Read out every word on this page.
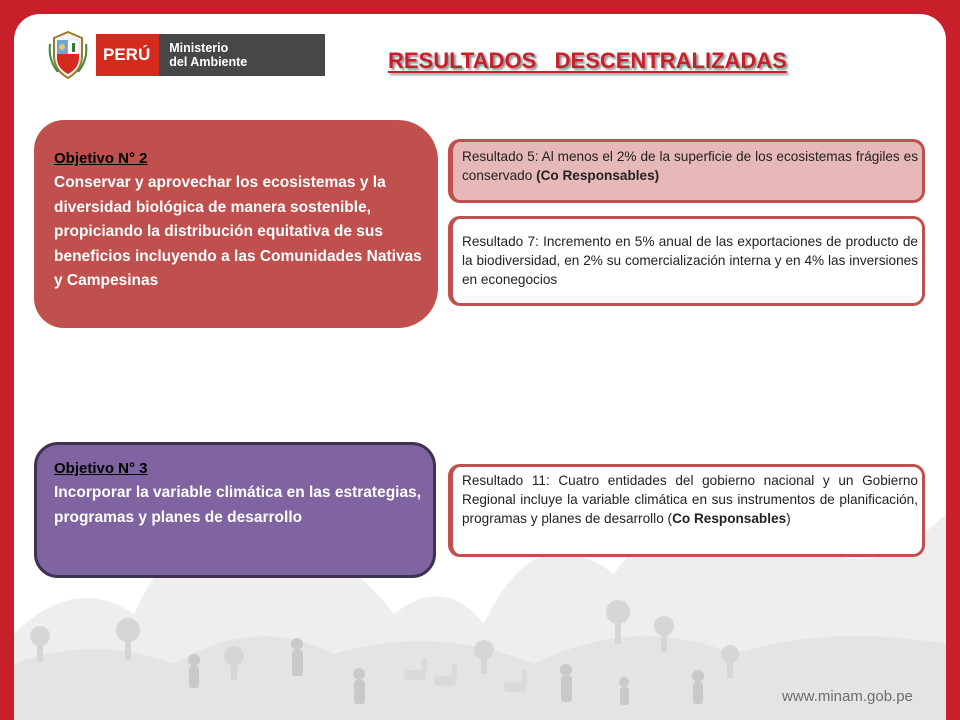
PERÚ	Ministerio
del Ambiente	RESULTADOS   DESCENTRALIZADAS
Objetivo N° 2
Conservar y aprovechar los ecosistemas y la diversidad biológica de manera sostenible, propiciando la distribución equitativa de sus beneficios incluyendo a las Comunidades Nativas y Campesinas
Resultado 5: Al menos el 2% de la superficie de los ecosistemas frágiles es conservado (Co Responsables)
Resultado 7: Incremento en 5% anual de las exportaciones de producto de la biodiversidad, en 2% su comercialización interna y en 4% las inversiones en econegocios
Objetivo N° 3
Incorporar la variable climática en las estrategias, programas y planes de desarrollo
Resultado 11: Cuatro entidades del gobierno nacional y un Gobierno Regional incluye la variable climática en sus instrumentos de planificación, programas y planes de desarrollo (Co Responsables)
www.minam.gob.pe
